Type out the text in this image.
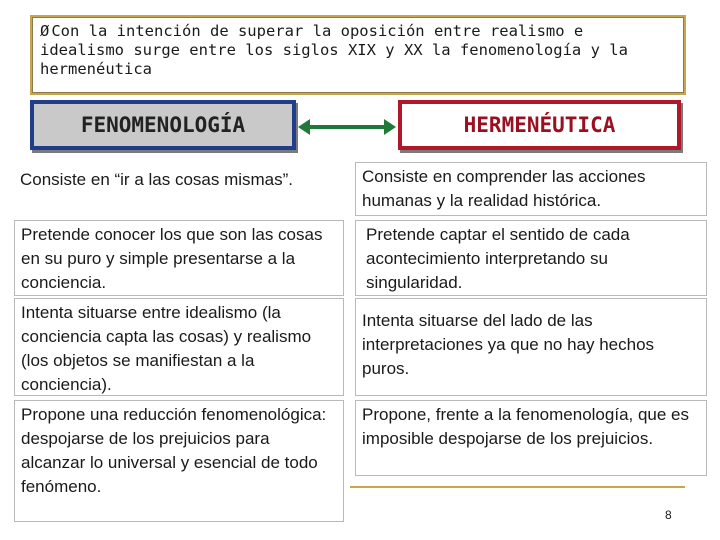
Ø Con la intención de superar la oposición entre realismo e idealismo surge entre los siglos XIX y XX la fenomenología y la hermenéutica
FENOMENOLOGÍA	HERMENÉUTICA
Consiste en “ir a las cosas mismas”.	Consiste en comprender las acciones humanas y la realidad histórica.
Pretende conocer los que son las cosas en su puro y simple presentarse a la conciencia.
Pretende captar el sentido de cada acontecimiento interpretando su singularidad.
Intenta situarse entre idealismo (la conciencia capta las cosas) y realismo (los objetos se manifiestan a la conciencia).
Intenta situarse del lado de las interpretaciones ya que no hay hechos puros.
Propone una reducción fenomenológica: despojarse de los prejuicios para alcanzar lo universal y esencial de todo fenómeno.
Propone, frente a la fenomenología, que es imposible despojarse de los prejuicios.
8
